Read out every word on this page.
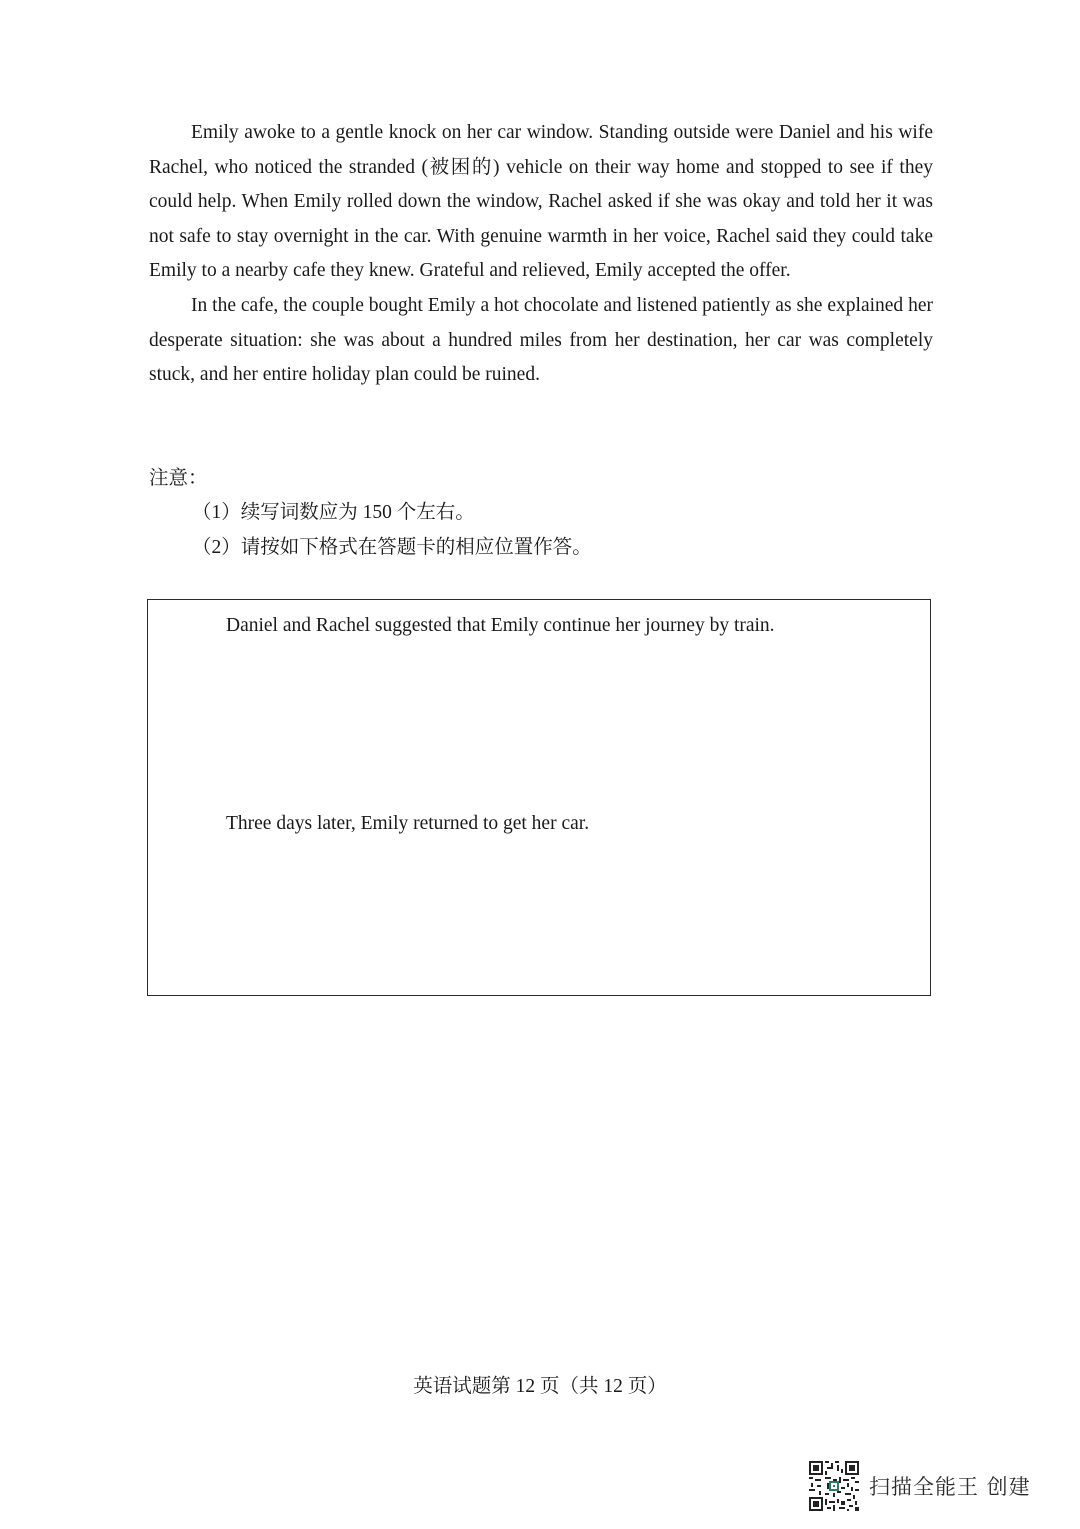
Emily awoke to a gentle knock on her car window. Standing outside were Daniel and his wife Rachel, who noticed the stranded (被困的) vehicle on their way home and stopped to see if they could help. When Emily rolled down the window, Rachel asked if she was okay and told her it was not safe to stay overnight in the car. With genuine warmth in her voice, Rachel said they could take Emily to a nearby cafe they knew. Grateful and relieved, Emily accepted the offer.

In the cafe, the couple bought Emily a hot chocolate and listened patiently as she explained her desperate situation: she was about a hundred miles from her destination, her car was completely stuck, and her entire holiday plan could be ruined.

注意：
（1）续写词数应为 150 个左右。
（2）请按如下格式在答题卡的相应位置作答。
Daniel and Rachel suggested that Emily continue her journey by train.
Three days later, Emily returned to get her car.
英语试题第 12 页（共 12 页）
扫描全能王 创建
